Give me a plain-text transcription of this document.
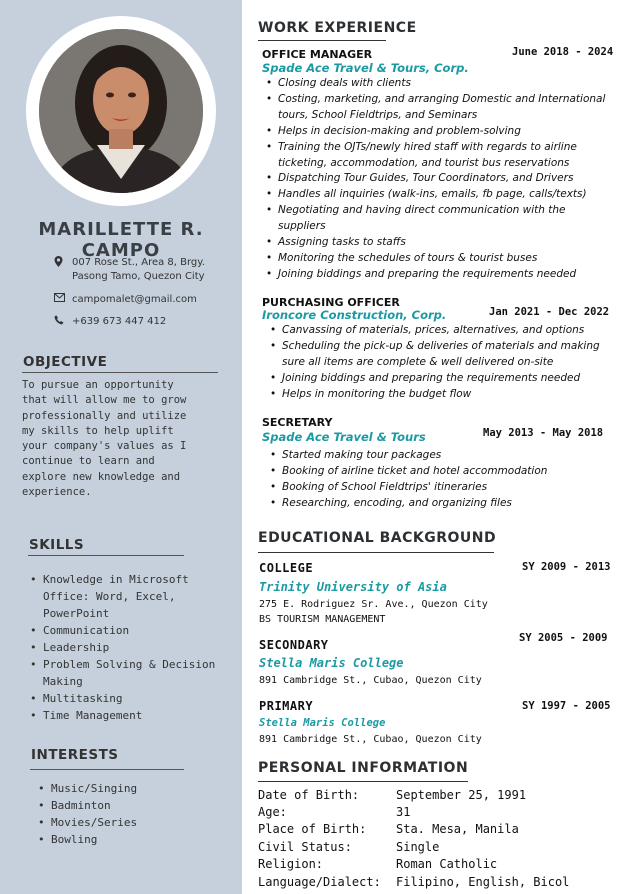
MARILLETTE R. CAMPO
007 Rose St., Area 8, Brgy.
Pasong Tamo, Quezon City
campomalet@gmail.com
+639 673 447 412
OBJECTIVE
To pursue an opportunity
that will allow me to grow
professionally and utilize
my skills to help uplift
your company's values as I
continue to learn and
explore new knowledge and
experience.
SKILLS
• Knowledge in Microsoft
Office: Word, Excel,
PowerPoint
• Communication
• Leadership
• Problem Solving & Decision
Making
• Multitasking
• Time Management
INTERESTS
• Music/Singing
• Badminton
• Movies/Series
• Bowling
WORK EXPERIENCE
OFFICE MANAGER	June 2018 - 2024
Spade Ace Travel & Tours, Corp.
• Closing deals with clients
• Costing, marketing, and arranging Domestic and International
tours, School Fieldtrips, and Seminars
• Helps in decision-making and problem-solving
• Training the OJTs/newly hired staff with regards to airline
ticketing, accommodation, and tourist bus reservations
• Dispatching Tour Guides, Tour Coordinators, and Drivers
• Handles all inquiries (walk-ins, emails, fb page, calls/texts)
• Negotiating and having direct communication with the
suppliers
• Assigning tasks to staffs
• Monitoring the schedules of tours & tourist buses
• Joining biddings and preparing the requirements needed
PURCHASING OFFICER
Jan 2021 - Dec 2022
Ironcore Construction, Corp.
• Canvassing of materials, prices, alternatives, and options
• Scheduling the pick-up & deliveries of materials and making
sure all items are complete & well delivered on-site
• Joining biddings and preparing the requirements needed
• Helps in monitoring the budget flow
SECRETARY
May 2013 - May 2018
Spade Ace Travel & Tours
• Started making tour packages
• Booking of airline ticket and hotel accommodation
• Booking of School Fieldtrips' itineraries
• Researching, encoding, and organizing files
EDUCATIONAL BACKGROUND
COLLEGE	SY 2009 - 2013
Trinity University of Asia
275 E. Rodriguez Sr. Ave., Quezon City
BS TOURISM MANAGEMENT
SECONDARY	SY 2005 - 2009
Stella Maris College
891 Cambridge St., Cubao, Quezon City
PRIMARY	SY 1997 - 2005
Stella Maris College
891 Cambridge St., Cubao, Quezon City
PERSONAL INFORMATION
Date of Birth:	September 25, 1991
Age:	31
Place of Birth:	Sta. Mesa, Manila
Civil Status:	Single
Religion:	Roman Catholic
Language/Dialect:	Filipino, English, Bicol
